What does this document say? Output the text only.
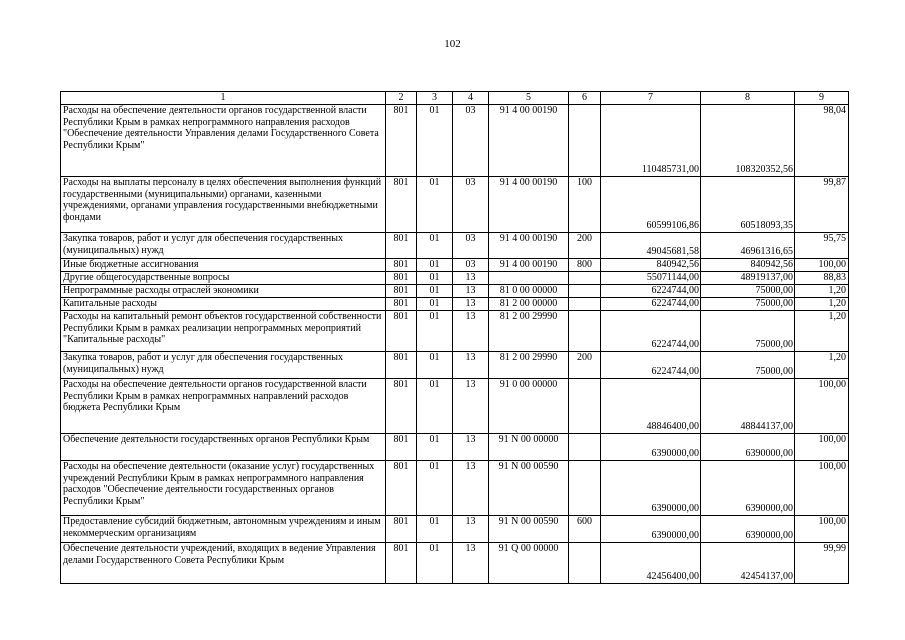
102
1	2	3	4	5	6	7	8	9
Расходы на обеспечение деятельности органов государственной власти Республики Крым в рамках непрограммного направления расходов "Обеспечение деятельности Управления делами Государственного Совета Республики Крым"	801	01	03	91 4 00 00190		110485731,00	108320352,56	98,04
Расходы на выплаты персоналу в целях обеспечения выполнения функций государственными (муниципальными) органами, казенными учреждениями, органами управления государственными внебюджетными фондами	801	01	03	91 4 00 00190	100	60599106,86	60518093,35	99,87
Закупка товаров, работ и услуг для обеспечения государственных (муниципальных) нужд	801	01	03	91 4 00 00190	200	49045681,58	46961316,65	95,75
Иные бюджетные ассигнования	801	01	03	91 4 00 00190	800	840942,56	840942,56	100,00
Другие общегосударственные вопросы	801	01	13			55071144,00	48919137,00	88,83
Непрограммные расходы отраслей экономики	801	01	13	81 0 00 00000		6224744,00	75000,00	1,20
Капитальные расходы	801	01	13	81 2 00 00000		6224744,00	75000,00	1,20
Расходы на капитальный ремонт объектов государственной собственности Республики Крым в рамках реализации непрограммных мероприятий "Капитальные расходы"	801	01	13	81 2 00 29990		6224744,00	75000,00	1,20
Закупка товаров, работ и услуг для обеспечения государственных (муниципальных) нужд	801	01	13	81 2 00 29990	200	6224744,00	75000,00	1,20
Расходы на обеспечение деятельности органов государственной власти Республики Крым в рамках непрограммных направлений расходов бюджета Республики Крым	801	01	13	91 0 00 00000		48846400,00	48844137,00	100,00
Обеспечение деятельности государственных органов Республики Крым	801	01	13	91 N 00 00000		6390000,00	6390000,00	100,00
Расходы на обеспечение деятельности (оказание услуг) государственных учреждений Республики Крым в рамках непрограммного направления расходов "Обеспечение деятельности государственных органов Республики Крым"	801	01	13	91 N 00 00590		6390000,00	6390000,00	100,00
Предоставление субсидий бюджетным, автономным учреждениям и иным некоммерческим организациям	801	01	13	91 N 00 00590	600	6390000,00	6390000,00	100,00
Обеспечение деятельности учреждений, входящих в ведение Управления делами Государственного Совета Республики Крым	801	01	13	91 Q 00 00000		42456400,00	42454137,00	99,99
